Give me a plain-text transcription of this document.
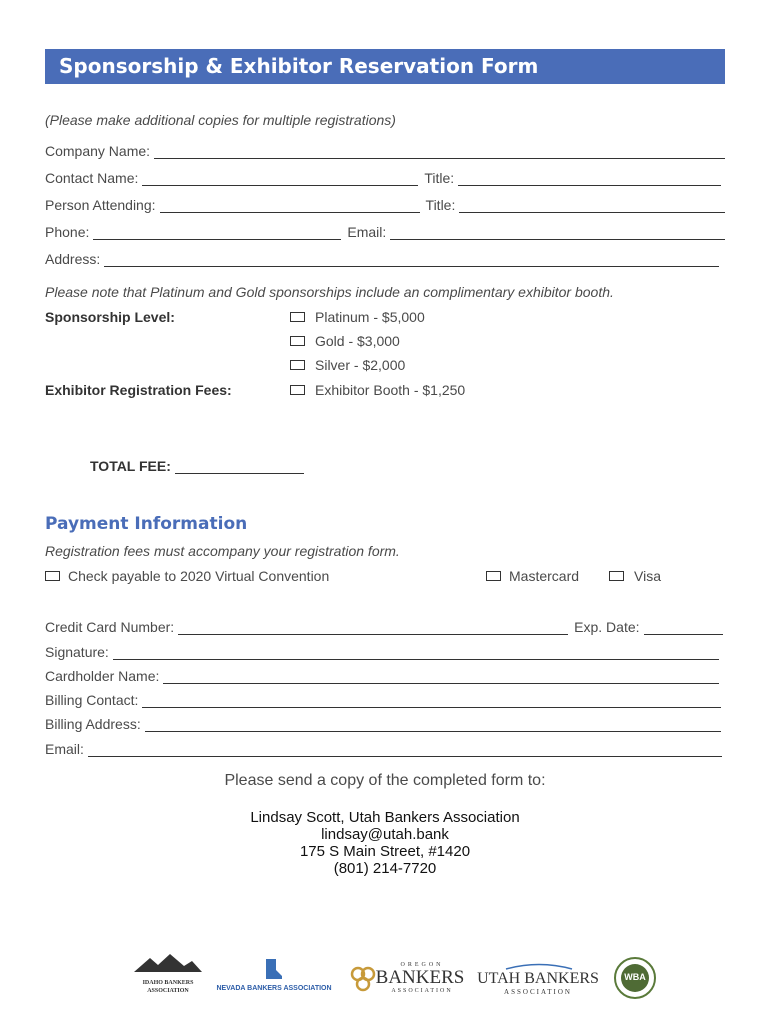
Sponsorship & Exhibitor Reservation Form
(Please make additional copies for multiple registrations)
Company Name:
Contact Name:	Title:
Person Attending:	Title:
Phone:	Email:
Address:
Please note that Platinum and Gold sponsorships include an complimentary exhibitor booth.
Sponsorship Level:	Platinum - $5,000
Gold - $3,000
Silver - $2,000
Exhibitor Registration Fees:	Exhibitor Booth - $1,250
TOTAL FEE:
Payment Information
Registration fees must accompany your registration form.
Check payable to 2020 Virtual Convention	Mastercard	Visa
Credit Card Number:	Exp. Date:
Signature:
Cardholder Name:
Billing Contact:
Billing Address:
Email:
Please send a copy of the completed form to:
Lindsay Scott, Utah Bankers Association
lindsay@utah.bank
175 S Main Street, #1420
(801) 214-7720
IDAHO BANKERS ASSOCIATION	NEVADA BANKERS ASSOCIATION
OREGON
BANKERS
ASSOCIATION
UTAH BANKERS
ASSOCIATION
WBA
